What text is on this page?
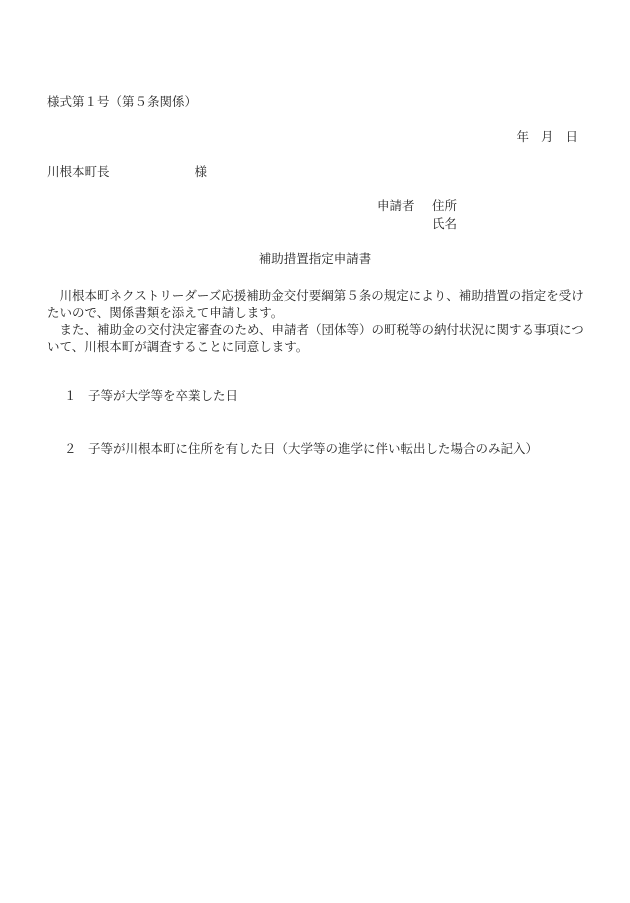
様式第１号（第５条関係）
年 月 日
川根本町長	様
申請者 住所
氏名
補助措置指定申請書

　川根本町ネクストリーダーズ応援補助金交付要綱第５条の規定により、補助措置の指定を受けたいので、関係書類を添えて申請します。

　また、補助金の交付決定審査のため、申請者（団体等）の町税等の納付状況に関する事項について、川根本町が調査することに同意します。

１ 子等が大学等を卒業した日
２ 子等が川根本町に住所を有した日（大学等の進学に伴い転出した場合のみ記入）
